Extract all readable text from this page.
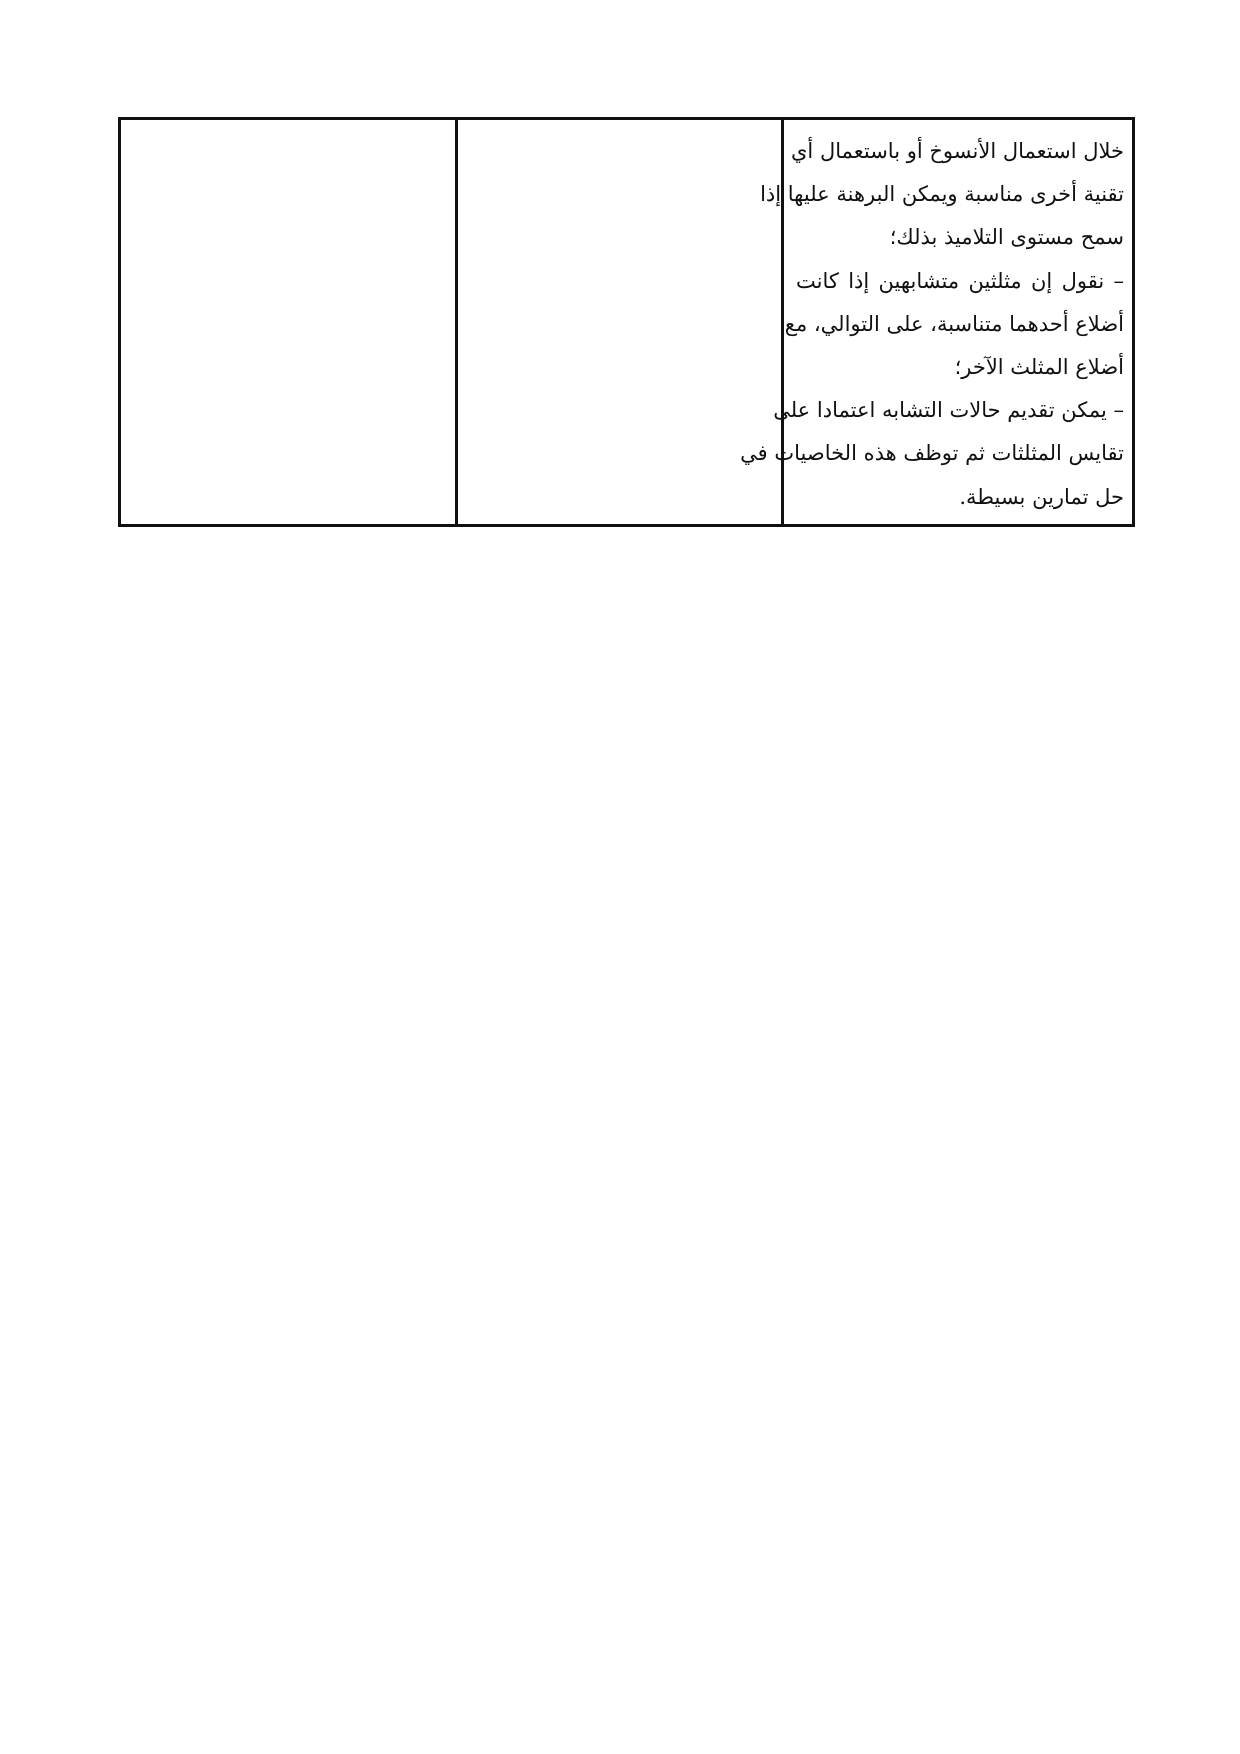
خلال استعمال الأنسوخ أو باستعمال أي
تقنية أخرى مناسبة ويمكن البرهنة عليها إذا
سمح مستوى التلاميذ بذلك؛
– نقول إن مثلثين متشابهين إذا كانت
أضلاع أحدهما متناسبة، على التوالي، مع
أضلاع المثلث الآخر؛
– يمكن تقديم حالات التشابه اعتمادا على
تقايس المثلثات ثم توظف هذه الخاصيات في
حل تمارين بسيطة.
